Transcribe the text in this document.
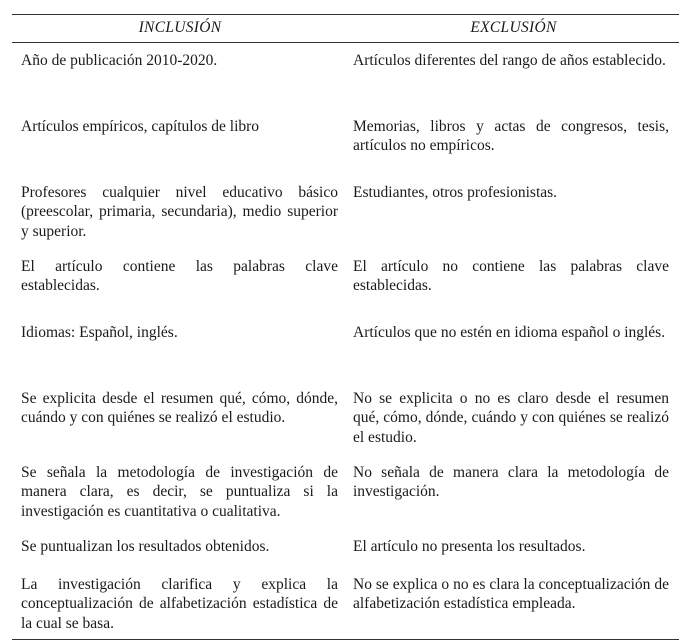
INCLUSIÓN	EXCLUSIÓN
Año de publicación 2010-2020.	Artículos diferentes del rango de años establecido.
Artículos empíricos, capítulos de libro	Memorias, libros y actas de congresos, tesis, artículos no empíricos.
Profesores cualquier nivel educativo básico (preescolar, primaria, secundaria), medio superior y superior.	Estudiantes, otros profesionistas.
El artículo contiene las palabras clave establecidas.	El artículo no contiene las palabras clave establecidas.
Idiomas: Español, inglés.	Artículos que no estén en idioma español o inglés.
Se explicita desde el resumen qué, cómo, dónde, cuándo y con quiénes se realizó el estudio.	No se explicita o no es claro desde el resumen qué, cómo, dónde, cuándo y con quiénes se realizó el estudio.
Se señala la metodología de investigación de manera clara, es decir, se puntualiza si la investigación es cuantitativa o cualitativa.	No señala de manera clara la metodología de investigación.
Se puntualizan los resultados obtenidos.	El artículo no presenta los resultados.
La investigación clarifica y explica la conceptualización de alfabetización estadística de la cual se basa.	No se explica o no es clara la conceptualización de alfabetización estadística empleada.
